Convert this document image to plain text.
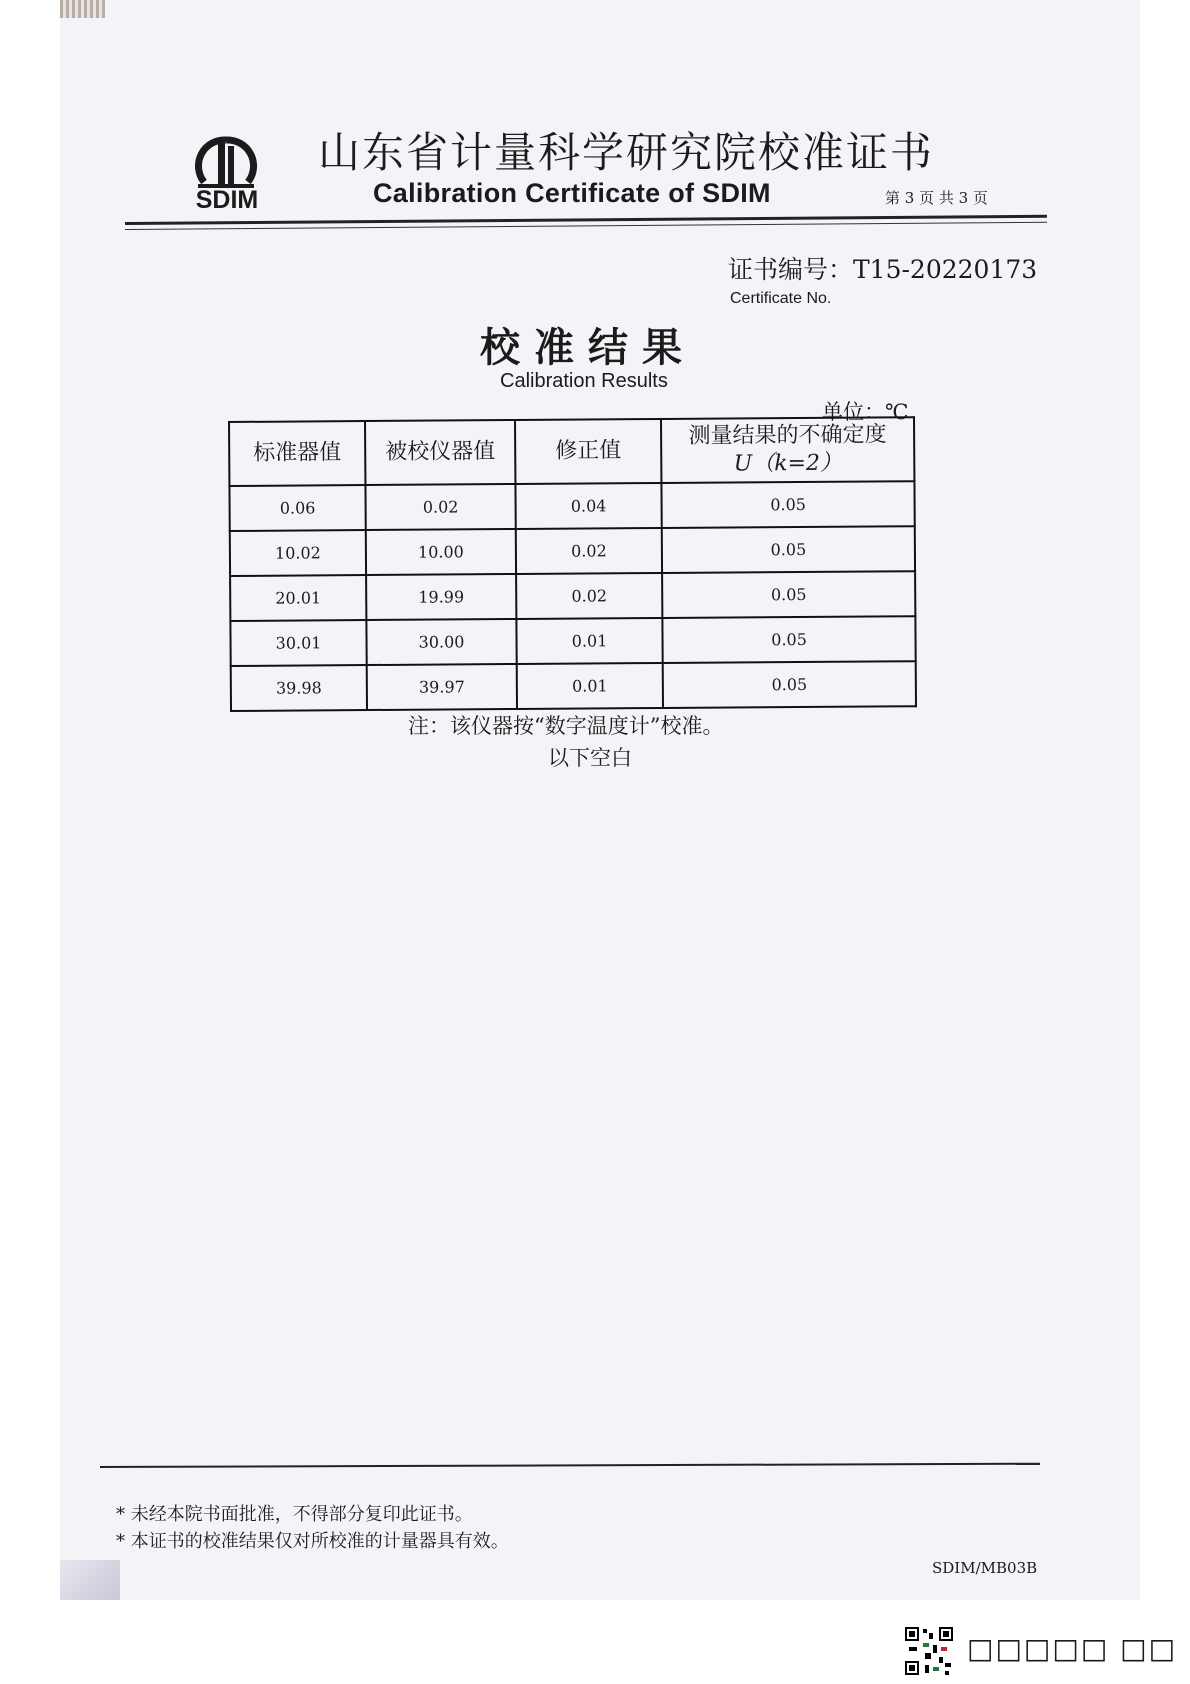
SDIM
山东省计量科学研究院校准证书
Calibration Certificate of SDIM	第 3 页 共 3 页
证书编号：T15-20220173
Certificate No.
校准结果
Calibration Results
单位：℃
标准器值	被校仪器值	修正值	测量结果的不确定度
U（k=2）

0.06	0.02	0.04	0.05
10.02	10.00	0.02	0.05
20.01	19.99	0.02	0.05
30.01	30.00	0.01	0.05
39.98	39.97	0.01	0.05
注：该仪器按“数字温度计”校准。
以下空白
* 未经本院书面批准，不得部分复印此证书。
* 本证书的校准结果仅对所校准的计量器具有效。
SDIM/MB03B
□□□□□ □□
